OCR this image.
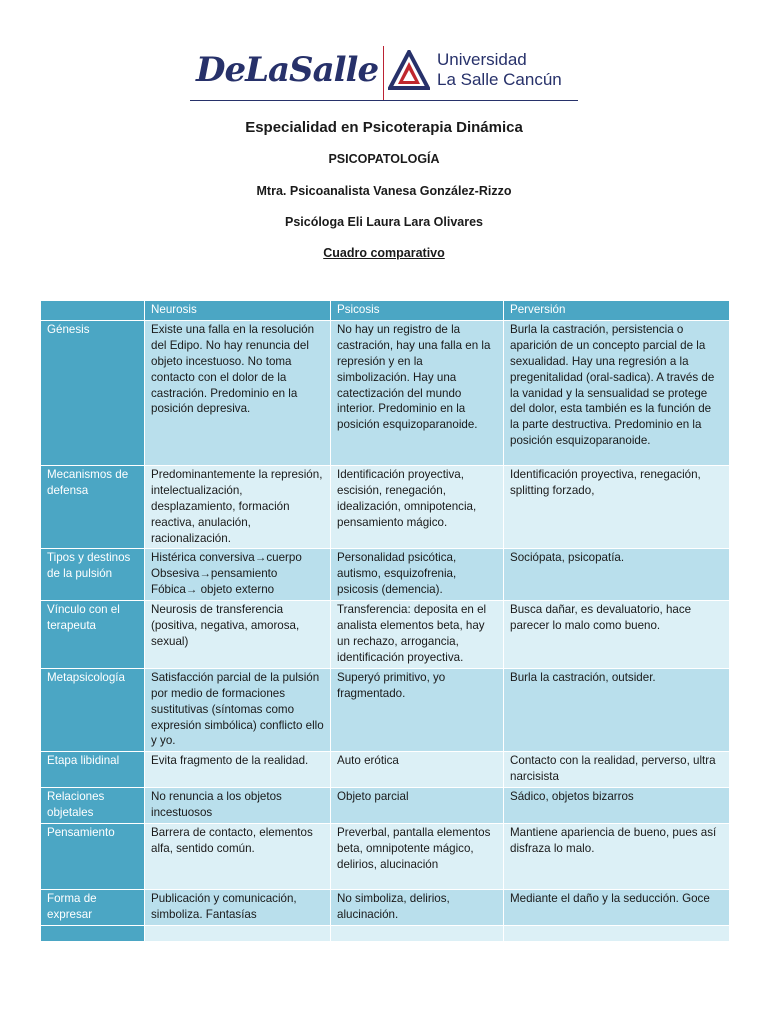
DeLaSalle	Universidad
La Salle Cancún
Especialidad en Psicoterapia Dinámica
PSICOPATOLOGÍA
Mtra. Psicoanalista Vanesa González-Rizzo
Psicóloga Eli Laura Lara Olivares
Cuadro comparativo
	Neurosis	Psicosis	Perversión
Génesis	Existe una falla en la resolución del Edipo. No hay renuncia del objeto incestuoso. No toma contacto con el dolor de la castración. Predominio en la posición depresiva.	No hay un registro de la castración, hay una falla en la represión y en la simbolización. Hay una catectización del mundo interior. Predominio en la posición esquizoparanoide.	Burla la castración, persistencia o aparición de un concepto parcial de la sexualidad. Hay una regresión a la pregenitalidad (oral-sadica). A través de la vanidad y la sensualidad se protege del dolor, esta también es la función de la parte destructiva. Predominio en la posición esquizoparanoide.
Mecanismos de defensa	Predominantemente la represión, intelectualización, desplazamiento, formación reactiva, anulación, racionalización.	Identificación proyectiva, escisión, renegación, idealización, omnipotencia, pensamiento mágico.	Identificación proyectiva, renegación, splitting forzado,
Tipos y destinos de la pulsión	Histérica conversiva→cuerpo
Obsesiva→pensamiento
Fóbica→ objeto externo	Personalidad psicótica, autismo, esquizofrenia, psicosis (demencia).	Sociópata, psicopatía.
Vínculo con el terapeuta	Neurosis de transferencia (positiva, negativa, amorosa, sexual)	Transferencia: deposita en el analista elementos beta, hay un rechazo, arrogancia, identificación proyectiva.	Busca dañar, es devaluatorio, hace parecer lo malo como bueno.
Metapsicología	Satisfacción parcial de la pulsión por medio de formaciones sustitutivas (síntomas como expresión simbólica) conflicto ello y yo.	Superyó primitivo, yo fragmentado.	Burla la castración, outsider.
Etapa libidinal	Evita fragmento de la realidad.	Auto erótica	Contacto con la realidad, perverso, ultra narcisista
Relaciones objetales	No renuncia a los objetos incestuosos	Objeto parcial	Sádico, objetos bizarros
Pensamiento	Barrera de contacto, elementos alfa, sentido común.	Preverbal, pantalla elementos beta, omnipotente mágico, delirios, alucinación	Mantiene apariencia de bueno, pues así disfraza lo malo.
Forma de expresar	Publicación y comunicación, simboliza. Fantasías	No simboliza, delirios, alucinación.	Mediante el daño y la seducción. Goce
